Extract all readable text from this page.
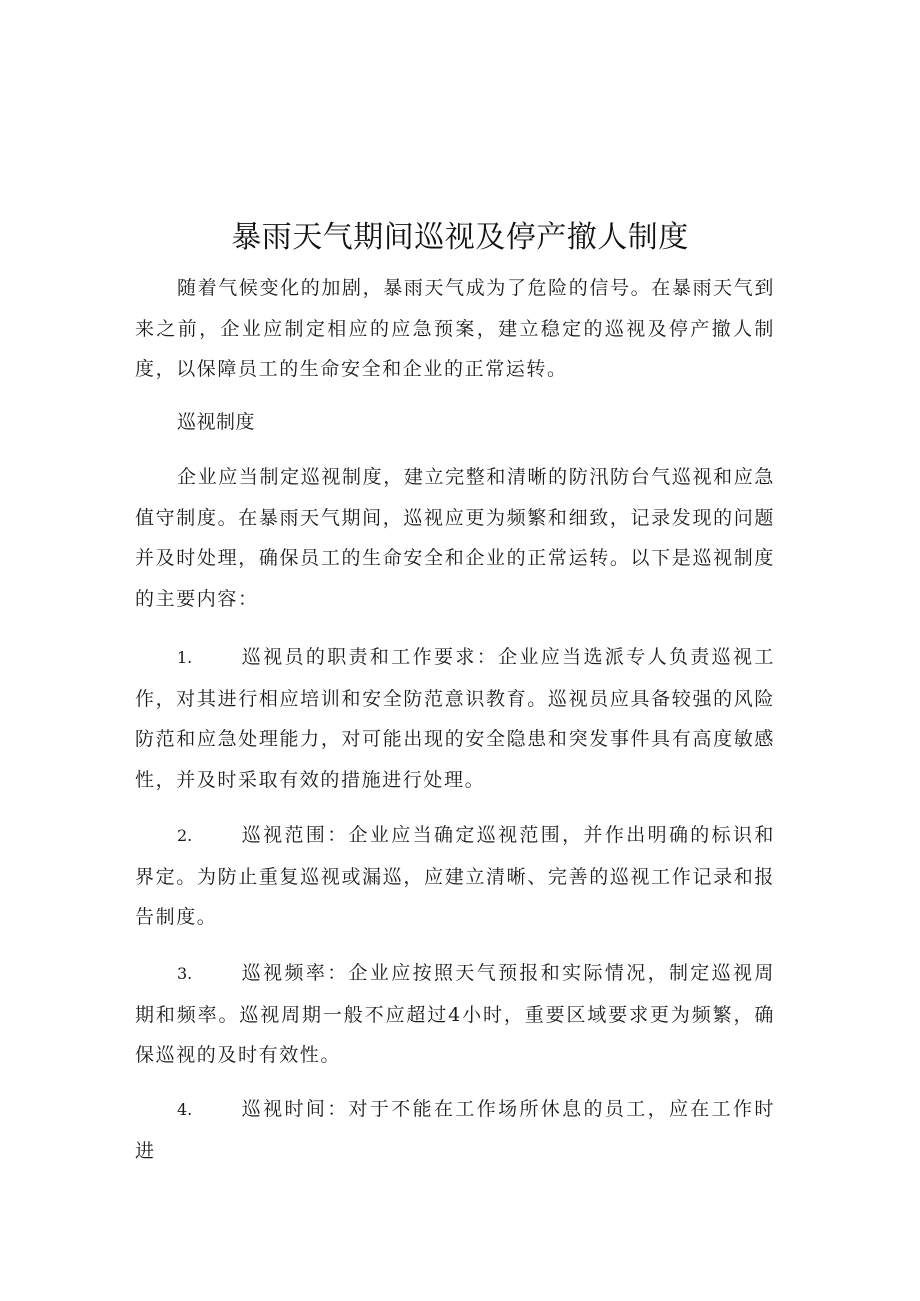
暴雨天气期间巡视及停产撤人制度

随着气候变化的加剧，暴雨天气成为了危险的信号。在暴雨天气到来之前，企业应制定相应的应急预案，建立稳定的巡视及停产撤人制度，以保障员工的生命安全和企业的正常运转。

巡视制度

企业应当制定巡视制度，建立完整和清晰的防汛防台气巡视和应急值守制度。在暴雨天气期间，巡视应更为频繁和细致，记录发现的问题并及时处理，确保员工的生命安全和企业的正常运转。以下是巡视制度的主要内容：

1.	巡视员的职责和工作要求：企业应当选派专人负责巡视工作，对其进行相应培训和安全防范意识教育。巡视员应具备较强的风险防范和应急处理能力，对可能出现的安全隐患和突发事件具有高度敏感性，并及时采取有效的措施进行处理。

2.	巡视范围：企业应当确定巡视范围，并作出明确的标识和界定。为防止重复巡视或漏巡，应建立清晰、完善的巡视工作记录和报告制度。

3.	巡视频率：企业应按照天气预报和实际情况，制定巡视周期和频率。巡视周期一般不应超过4小时，重要区域要求更为频繁，确保巡视的及时有效性。

4.	巡视时间：对于不能在工作场所休息的员工，应在工作时进
